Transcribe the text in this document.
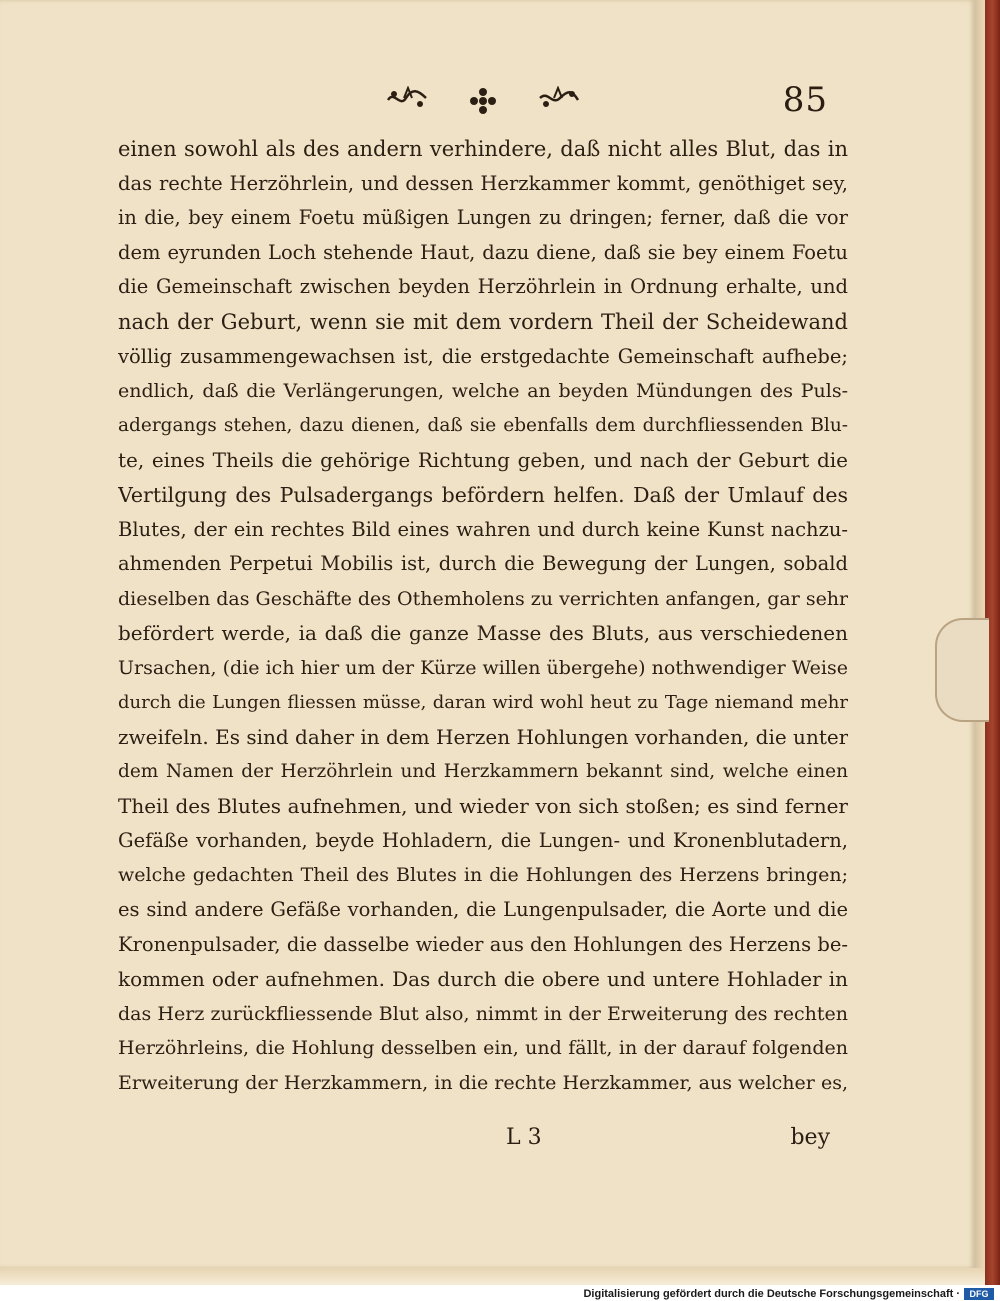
85
einen sowohl als des andern verhindere, daß nicht alles Blut, das in
das rechte Herzöhrlein, und dessen Herzkammer kommt, genöthiget sey,
in die, bey einem Foetu müßigen Lungen zu dringen; ferner, daß die vor
dem eyrunden Loch stehende Haut, dazu diene, daß sie bey einem Foetu
die Gemeinschaft zwischen beyden Herzöhrlein in Ordnung erhalte, und
nach der Geburt, wenn sie mit dem vordern Theil der Scheidewand
völlig zusammengewachsen ist, die erstgedachte Gemeinschaft aufhebe;
endlich, daß die Verlängerungen, welche an beyden Mündungen des Puls-
adergangs stehen, dazu dienen, daß sie ebenfalls dem durchfliessenden Blu-
te, eines Theils die gehörige Richtung geben, und nach der Geburt die
Vertilgung des Pulsadergangs befördern helfen. Daß der Umlauf des
Blutes, der ein rechtes Bild eines wahren und durch keine Kunst nachzu-
ahmenden Perpetui Mobilis ist, durch die Bewegung der Lungen, sobald
dieselben das Geschäfte des Othemholens zu verrichten anfangen, gar sehr
befördert werde, ia daß die ganze Masse des Bluts, aus verschiedenen
Ursachen, (die ich hier um der Kürze willen übergehe) nothwendiger Weise
durch die Lungen fliessen müsse, daran wird wohl heut zu Tage niemand mehr
zweifeln. Es sind daher in dem Herzen Hohlungen vorhanden, die unter
dem Namen der Herzöhrlein und Herzkammern bekannt sind, welche einen
Theil des Blutes aufnehmen, und wieder von sich stoßen; es sind ferner
Gefäße vorhanden, beyde Hohladern, die Lungen- und Kronenblutadern,
welche gedachten Theil des Blutes in die Hohlungen des Herzens bringen;
es sind andere Gefäße vorhanden, die Lungenpulsader, die Aorte und die
Kronenpulsader, die dasselbe wieder aus den Hohlungen des Herzens be-
kommen oder aufnehmen. Das durch die obere und untere Hohlader in
das Herz zurückfliessende Blut also, nimmt in der Erweiterung des rechten
Herzöhrleins, die Hohlung desselben ein, und fällt, in der darauf folgenden
Erweiterung der Herzkammern, in die rechte Herzkammer, aus welcher es,
L 3	bey
Digitalisierung gefördert durch die Deutsche Forschungsgemeinschaft ·	DFG
